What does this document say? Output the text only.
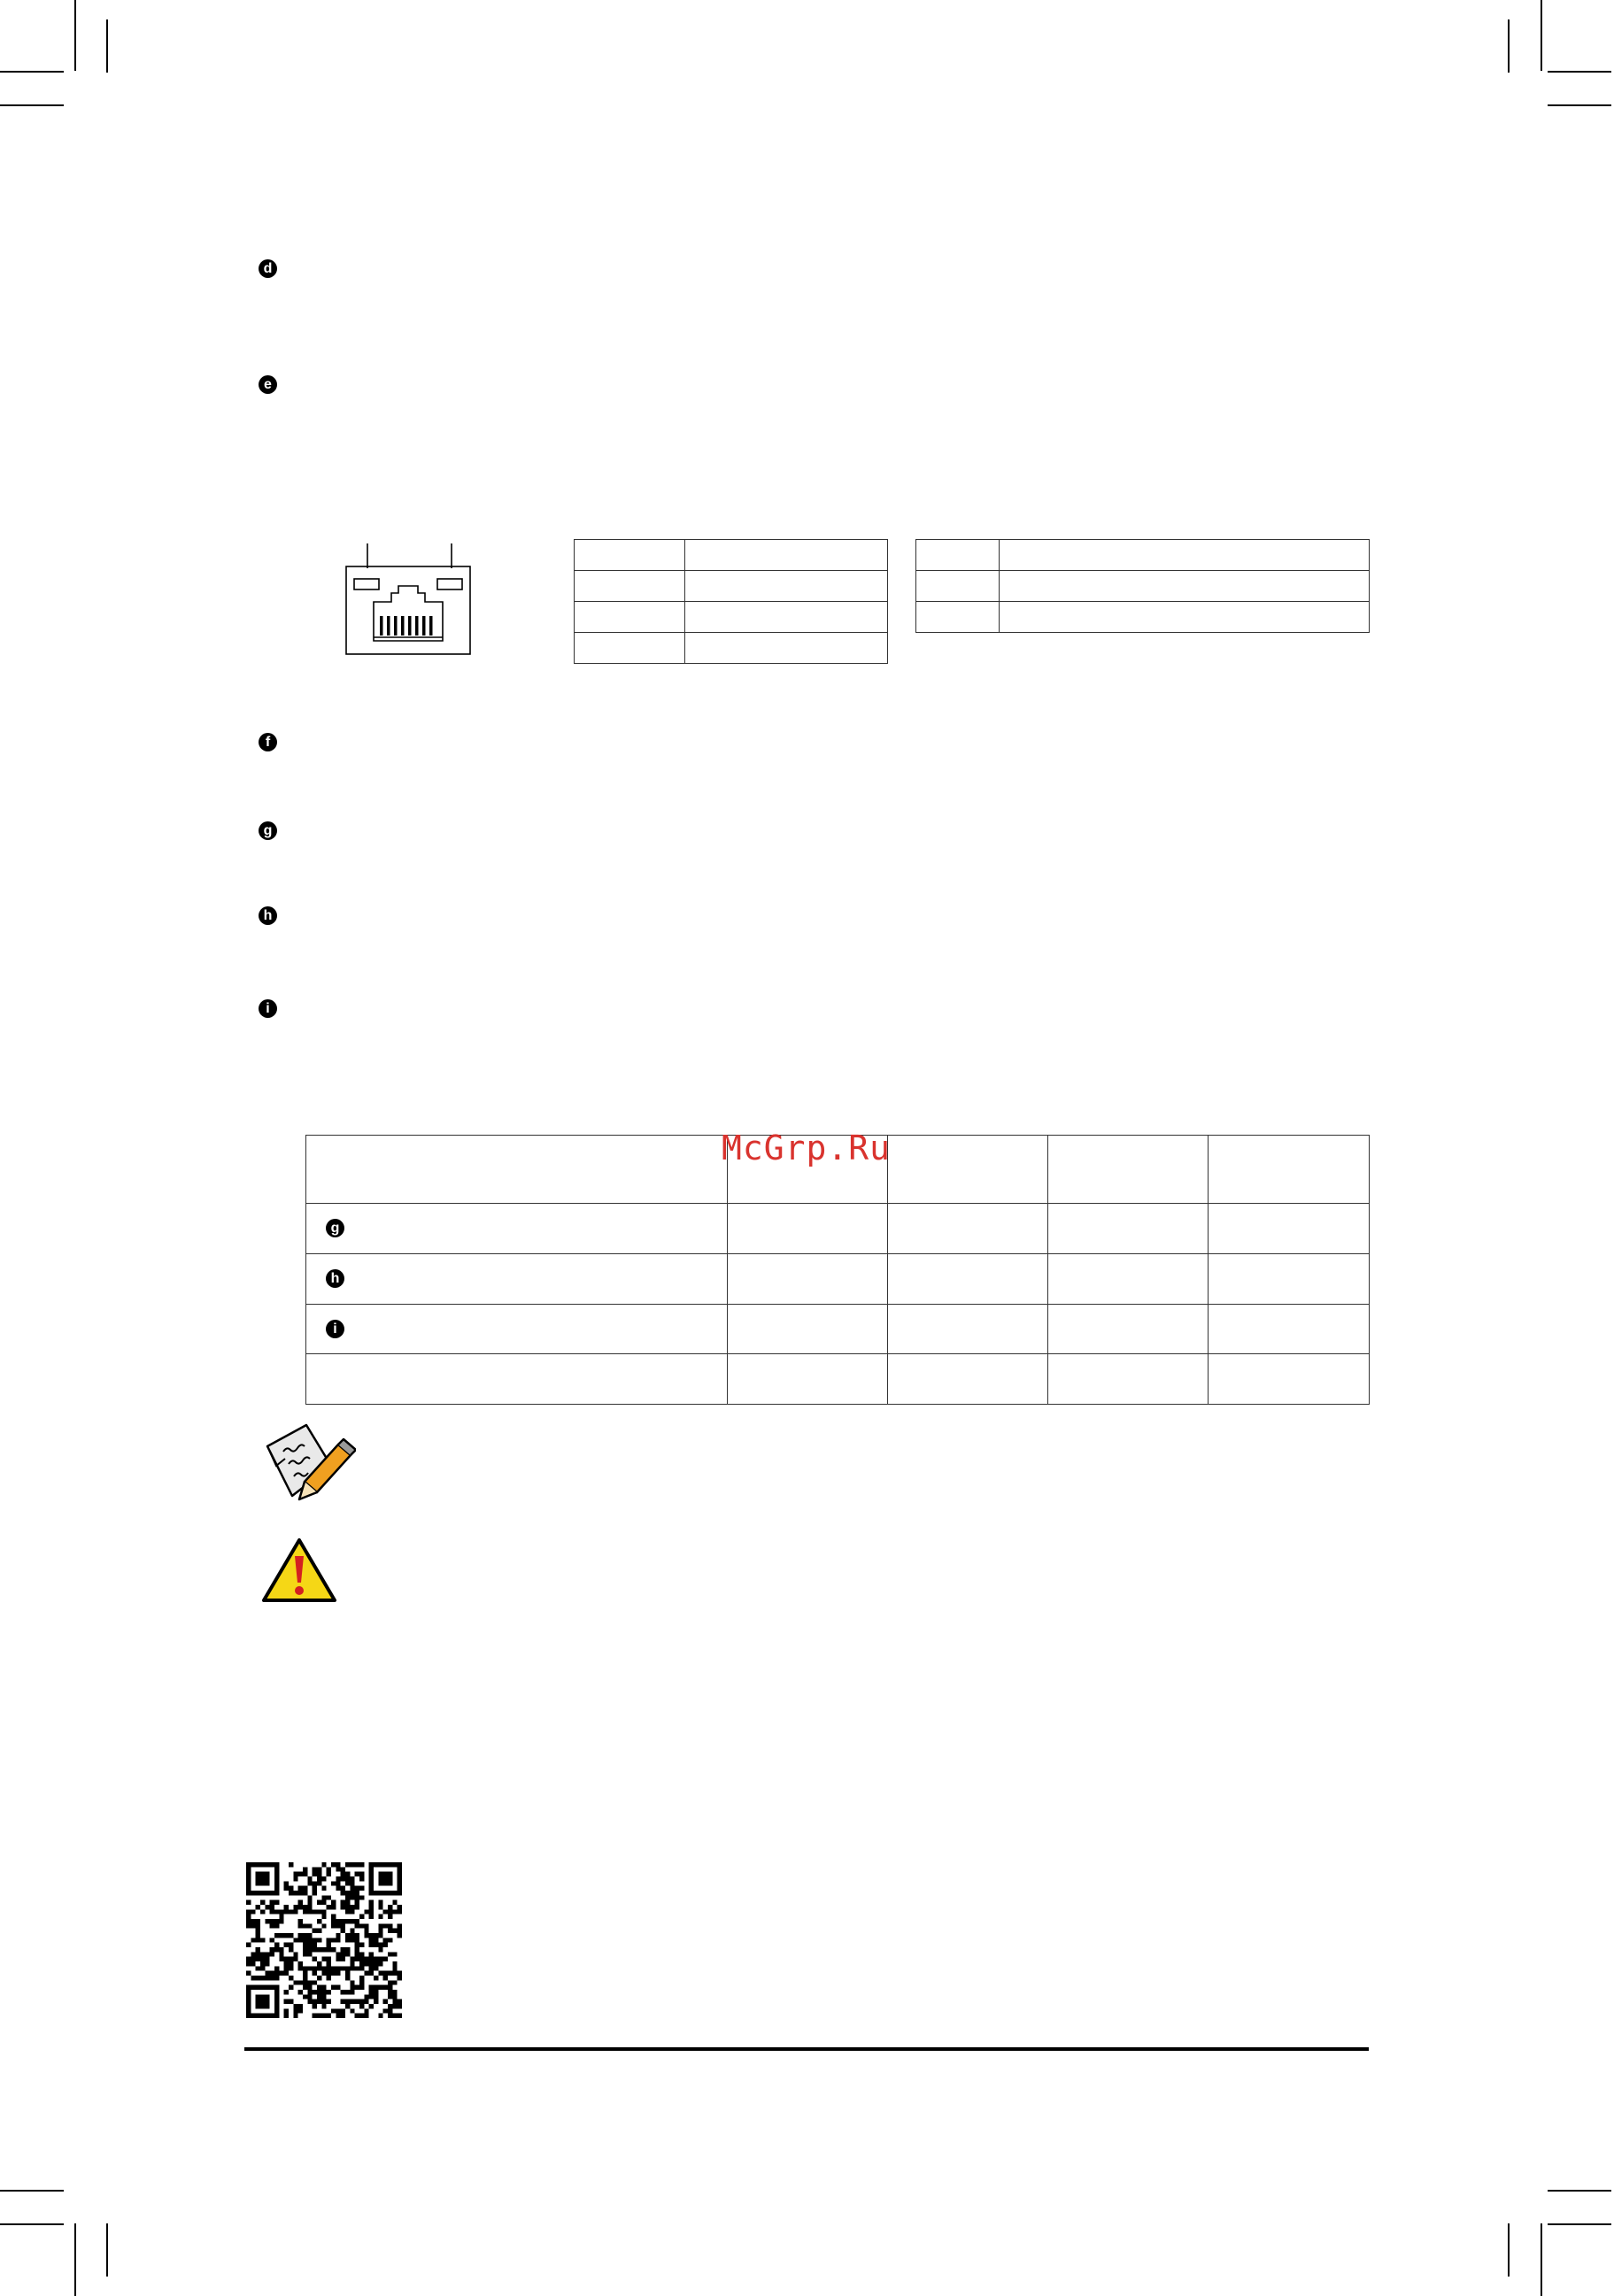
d
e
f
g
h
i

g				

h				

i				

McGrp.Ru
